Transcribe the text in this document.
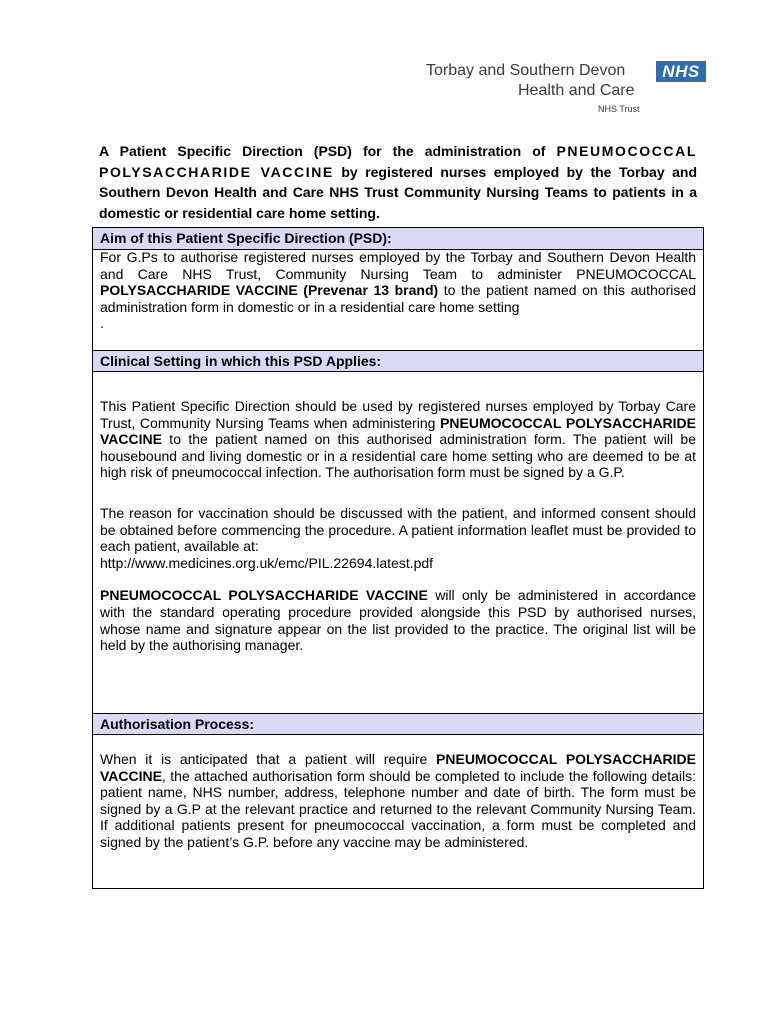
Torbay and Southern Devon	NHS
Health and Care
NHS Trust
A Patient Specific Direction (PSD) for the administration of PNEUMOCOCCAL POLYSACCHARIDE VACCINE by registered nurses employed by the Torbay and Southern Devon Health and Care NHS Trust Community Nursing Teams to patients in a domestic or residential care home setting.
Aim of this Patient Specific Direction (PSD):

For G.Ps to authorise registered nurses employed by the Torbay and Southern Devon Health and Care NHS Trust, Community Nursing Team to administer PNEUMOCOCCAL POLYSACCHARIDE VACCINE (Prevenar 13 brand) to the patient named on this authorised administration form in domestic or in a residential care home setting

.

Clinical Setting in which this PSD Applies:

This Patient Specific Direction should be used by registered nurses employed by Torbay Care Trust, Community Nursing Teams when administering PNEUMOCOCCAL POLYSACCHARIDE VACCINE to the patient named on this authorised administration form. The patient will be housebound and living domestic or in a residential care home setting who are deemed to be at high risk of pneumococcal infection. The authorisation form must be signed by a G.P.

The reason for vaccination should be discussed with the patient, and informed consent should be obtained before commencing the procedure. A patient information leaflet must be provided to each patient, available at:

http://www.medicines.org.uk/emc/PIL.22694.latest.pdf

PNEUMOCOCCAL POLYSACCHARIDE VACCINE will only be administered in accordance with the standard operating procedure provided alongside this PSD by authorised nurses, whose name and signature appear on the list provided to the practice. The original list will be held by the authorising manager.

Authorisation Process:

When it is anticipated that a patient will require PNEUMOCOCCAL POLYSACCHARIDE VACCINE, the attached authorisation form should be completed to include the following details: patient name, NHS number, address, telephone number and date of birth. The form must be signed by a G.P at the relevant practice and returned to the relevant Community Nursing Team. If additional patients present for pneumococcal vaccination, a form must be completed and signed by the patient’s G.P. before any vaccine may be administered.
